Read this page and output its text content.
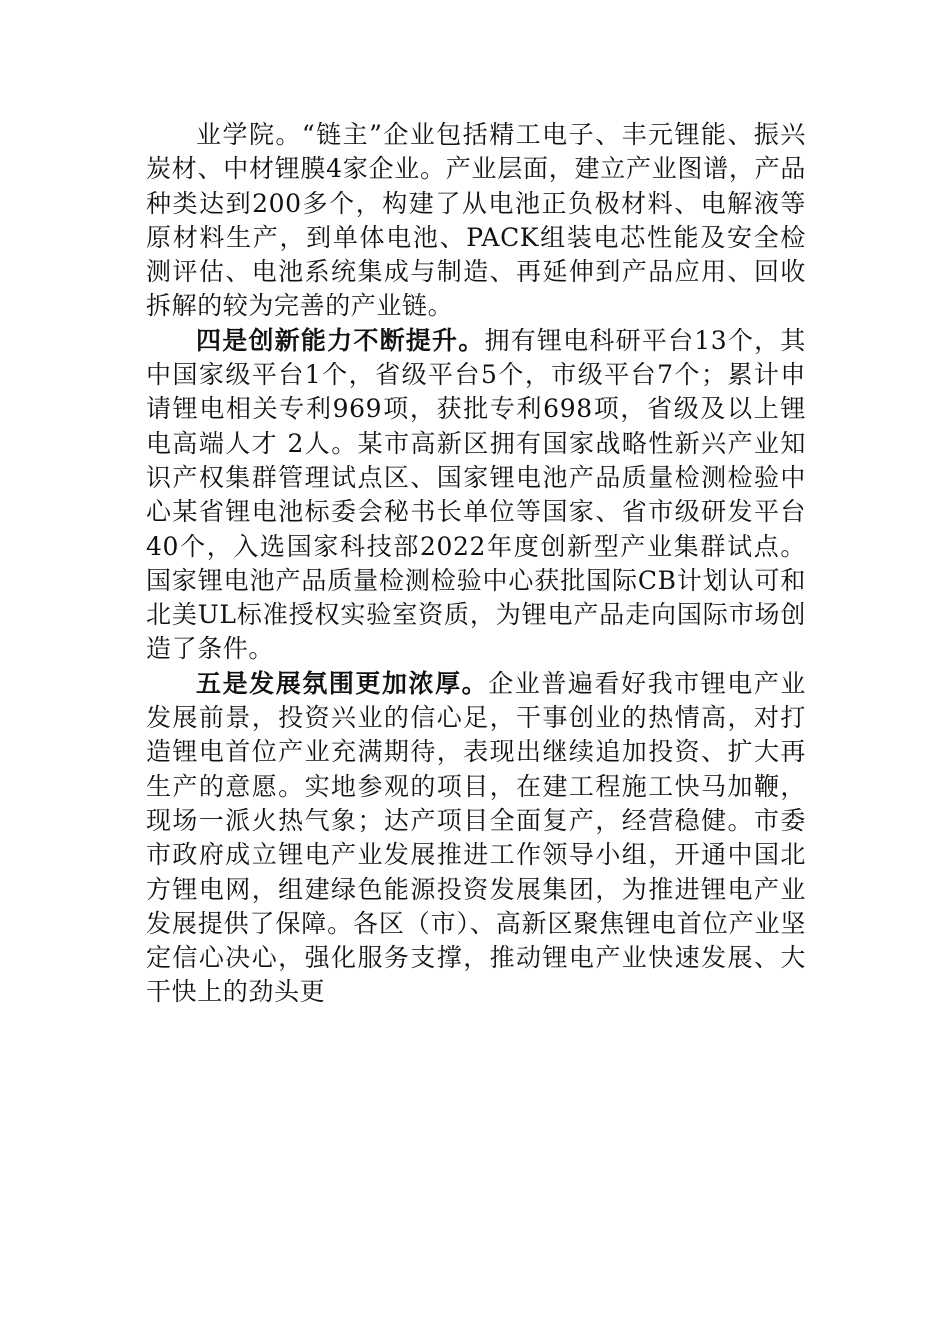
业学院。“链主”企业包括精工电子、丰元锂能、振兴炭材、中材锂膜4家企业。产业层面，建立产业图谱，产品种类达到200多个，构建了从电池正负极材料、电解液等原材料生产，到单体电池、PACK组装电芯性能及安全检测评估、电池系统集成与制造、再延伸到产品应用、回收拆解的较为完善的产业链。

四是创新能力不断提升。拥有锂电科研平台13个，其中国家级平台1个，省级平台5个，市级平台7个；累计申请锂电相关专利969项，获批专利698项，省级及以上锂电高端人才 2人。某市高新区拥有国家战略性新兴产业知识产权集群管理试点区、国家锂电池产品质量检测检验中心某省锂电池标委会秘书长单位等国家、省市级研发平台40个，入选国家科技部2022年度创新型产业集群试点。国家锂电池产品质量检测检验中心获批国际CB计划认可和北美UL标准授权实验室资质，为锂电产品走向国际市场创造了条件。

五是发展氛围更加浓厚。企业普遍看好我市锂电产业发展前景，投资兴业的信心足，干事创业的热情高，对打造锂电首位产业充满期待，表现出继续追加投资、扩大再生产的意愿。实地参观的项目，在建工程施工快马加鞭，现场一派火热气象；达产项目全面复产，经营稳健。市委市政府成立锂电产业发展推进工作领导小组，开通中国北方锂电网，组建绿色能源投资发展集团，为推进锂电产业发展提供了保障。各区（市）、高新区聚焦锂电首位产业坚定信心决心，强化服务支撑，推动锂电产业快速发展、大干快上的劲头更
